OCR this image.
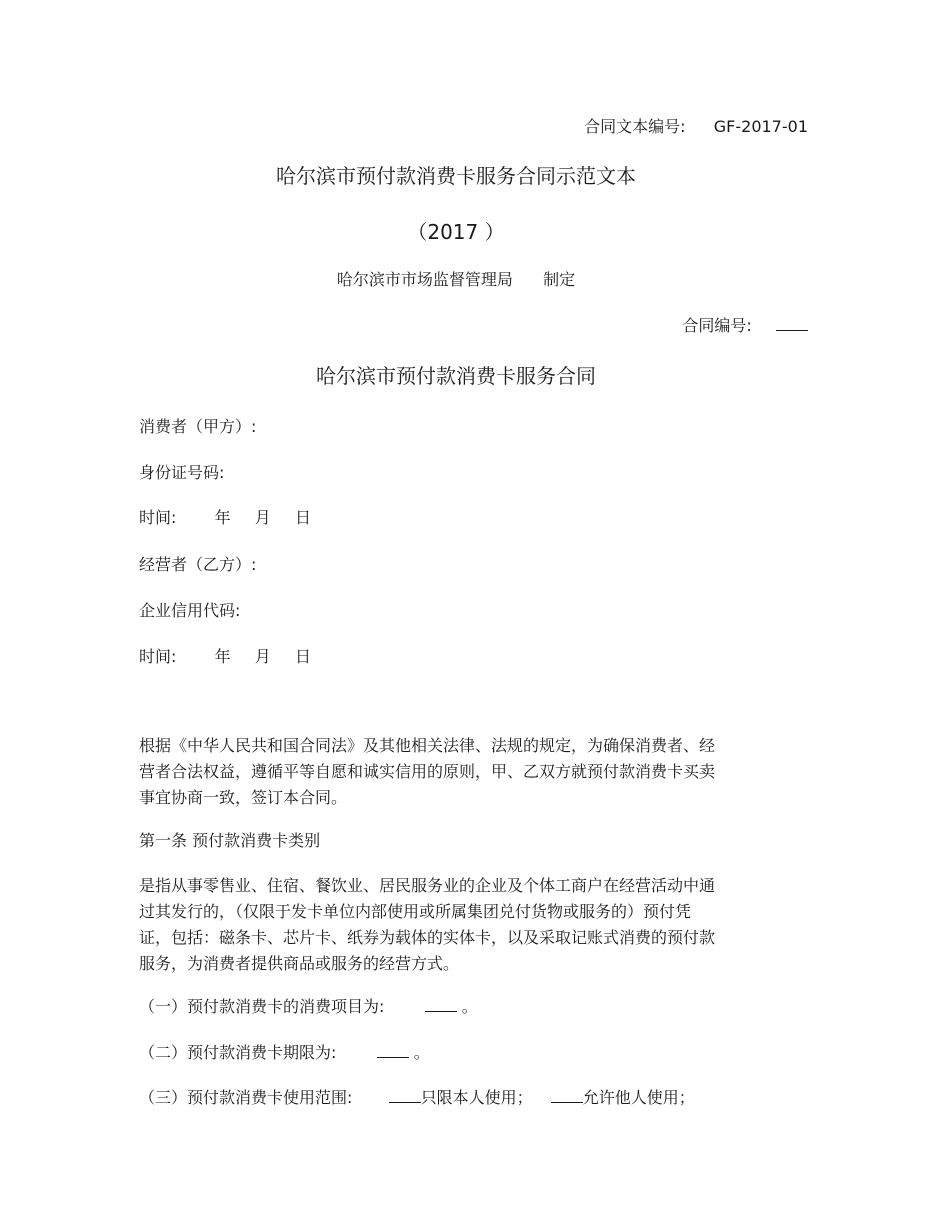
合同文本编号: GF-2017-01
哈尔滨市预付款消费卡服务合同示范文本
（2017 ）
哈尔滨市市场监督管理局 制定
合同编号:
哈尔滨市预付款消费卡服务合同
消费者（甲方）:
身份证号码:
时间: 年 月 日
经营者（乙方）:
企业信用代码:
时间: 年 月 日
根据《中华人民共和国合同法》及其他相关法律、法规的规定，为确保消费者、经
营者合法权益，遵循平等自愿和诚实信用的原则，甲、乙双方就预付款消费卡买卖
事宜协商一致，签订本合同。
第一条 预付款消费卡类别
是指从事零售业、住宿、餐饮业、居民服务业的企业及个体工商户在经营活动中通
过其发行的，（仅限于发卡单位内部使用或所属集团兑付货物或服务的）预付凭
证，包括：磁条卡、芯片卡、纸券为载体的实体卡，以及采取记账式消费的预付款
服务，为消费者提供商品或服务的经营方式。
（一）预付款消费卡的消费项目为:	。
（二）预付款消费卡期限为:	。
（三）预付款消费卡使用范围:	只限本人使用；	允许他人使用；
